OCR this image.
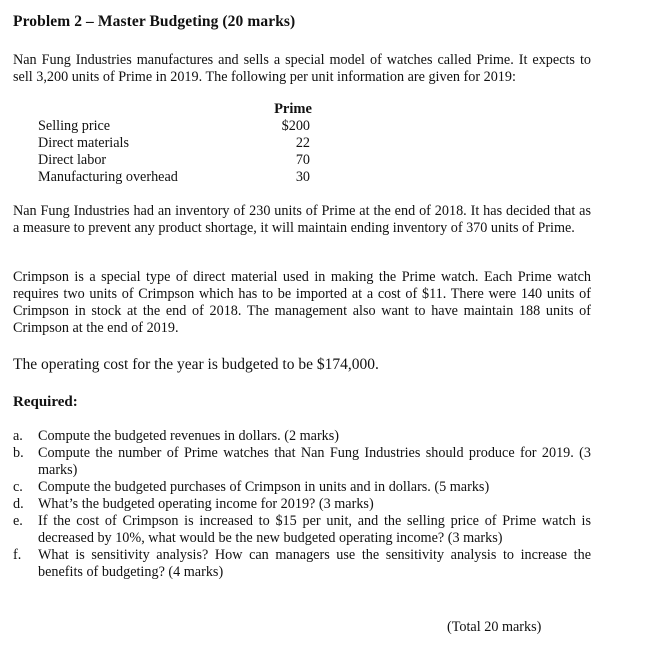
Problem 2 – Master Budgeting (20 marks)

Nan Fung Industries manufactures and sells a special model of watches called Prime. It expects to sell 3,200 units of Prime in 2019. The following per unit information are given for 2019:

Prime
Selling price	$200
Direct materials	22
Direct labor	70
Manufacturing overhead	30

Nan Fung Industries had an inventory of 230 units of Prime at the end of 2018. It has decided that as a measure to prevent any product shortage, it will maintain ending inventory of 370 units of Prime.

Crimpson is a special type of direct material used in making the Prime watch. Each Prime watch requires two units of Crimpson which has to be imported at a cost of $11. There were 140 units of Crimpson in stock at the end of 2018. The management also want to have maintain 188 units of Crimpson at the end of 2019.

The operating cost for the year is budgeted to be $174,000.

Required:
a. Compute the budgeted revenues in dollars. (2 marks)
b. Compute the number of Prime watches that Nan Fung Industries should produce for 2019. (3 marks)
c. Compute the budgeted purchases of Crimpson in units and in dollars. (5 marks)
d. What’s the budgeted operating income for 2019? (3 marks)
e. If the cost of Crimpson is increased to $15 per unit, and the selling price of Prime watch is decreased by 10%, what would be the new budgeted operating income? (3 marks)
f. What is sensitivity analysis? How can managers use the sensitivity analysis to increase the benefits of budgeting? (4 marks)
(Total 20 marks)
